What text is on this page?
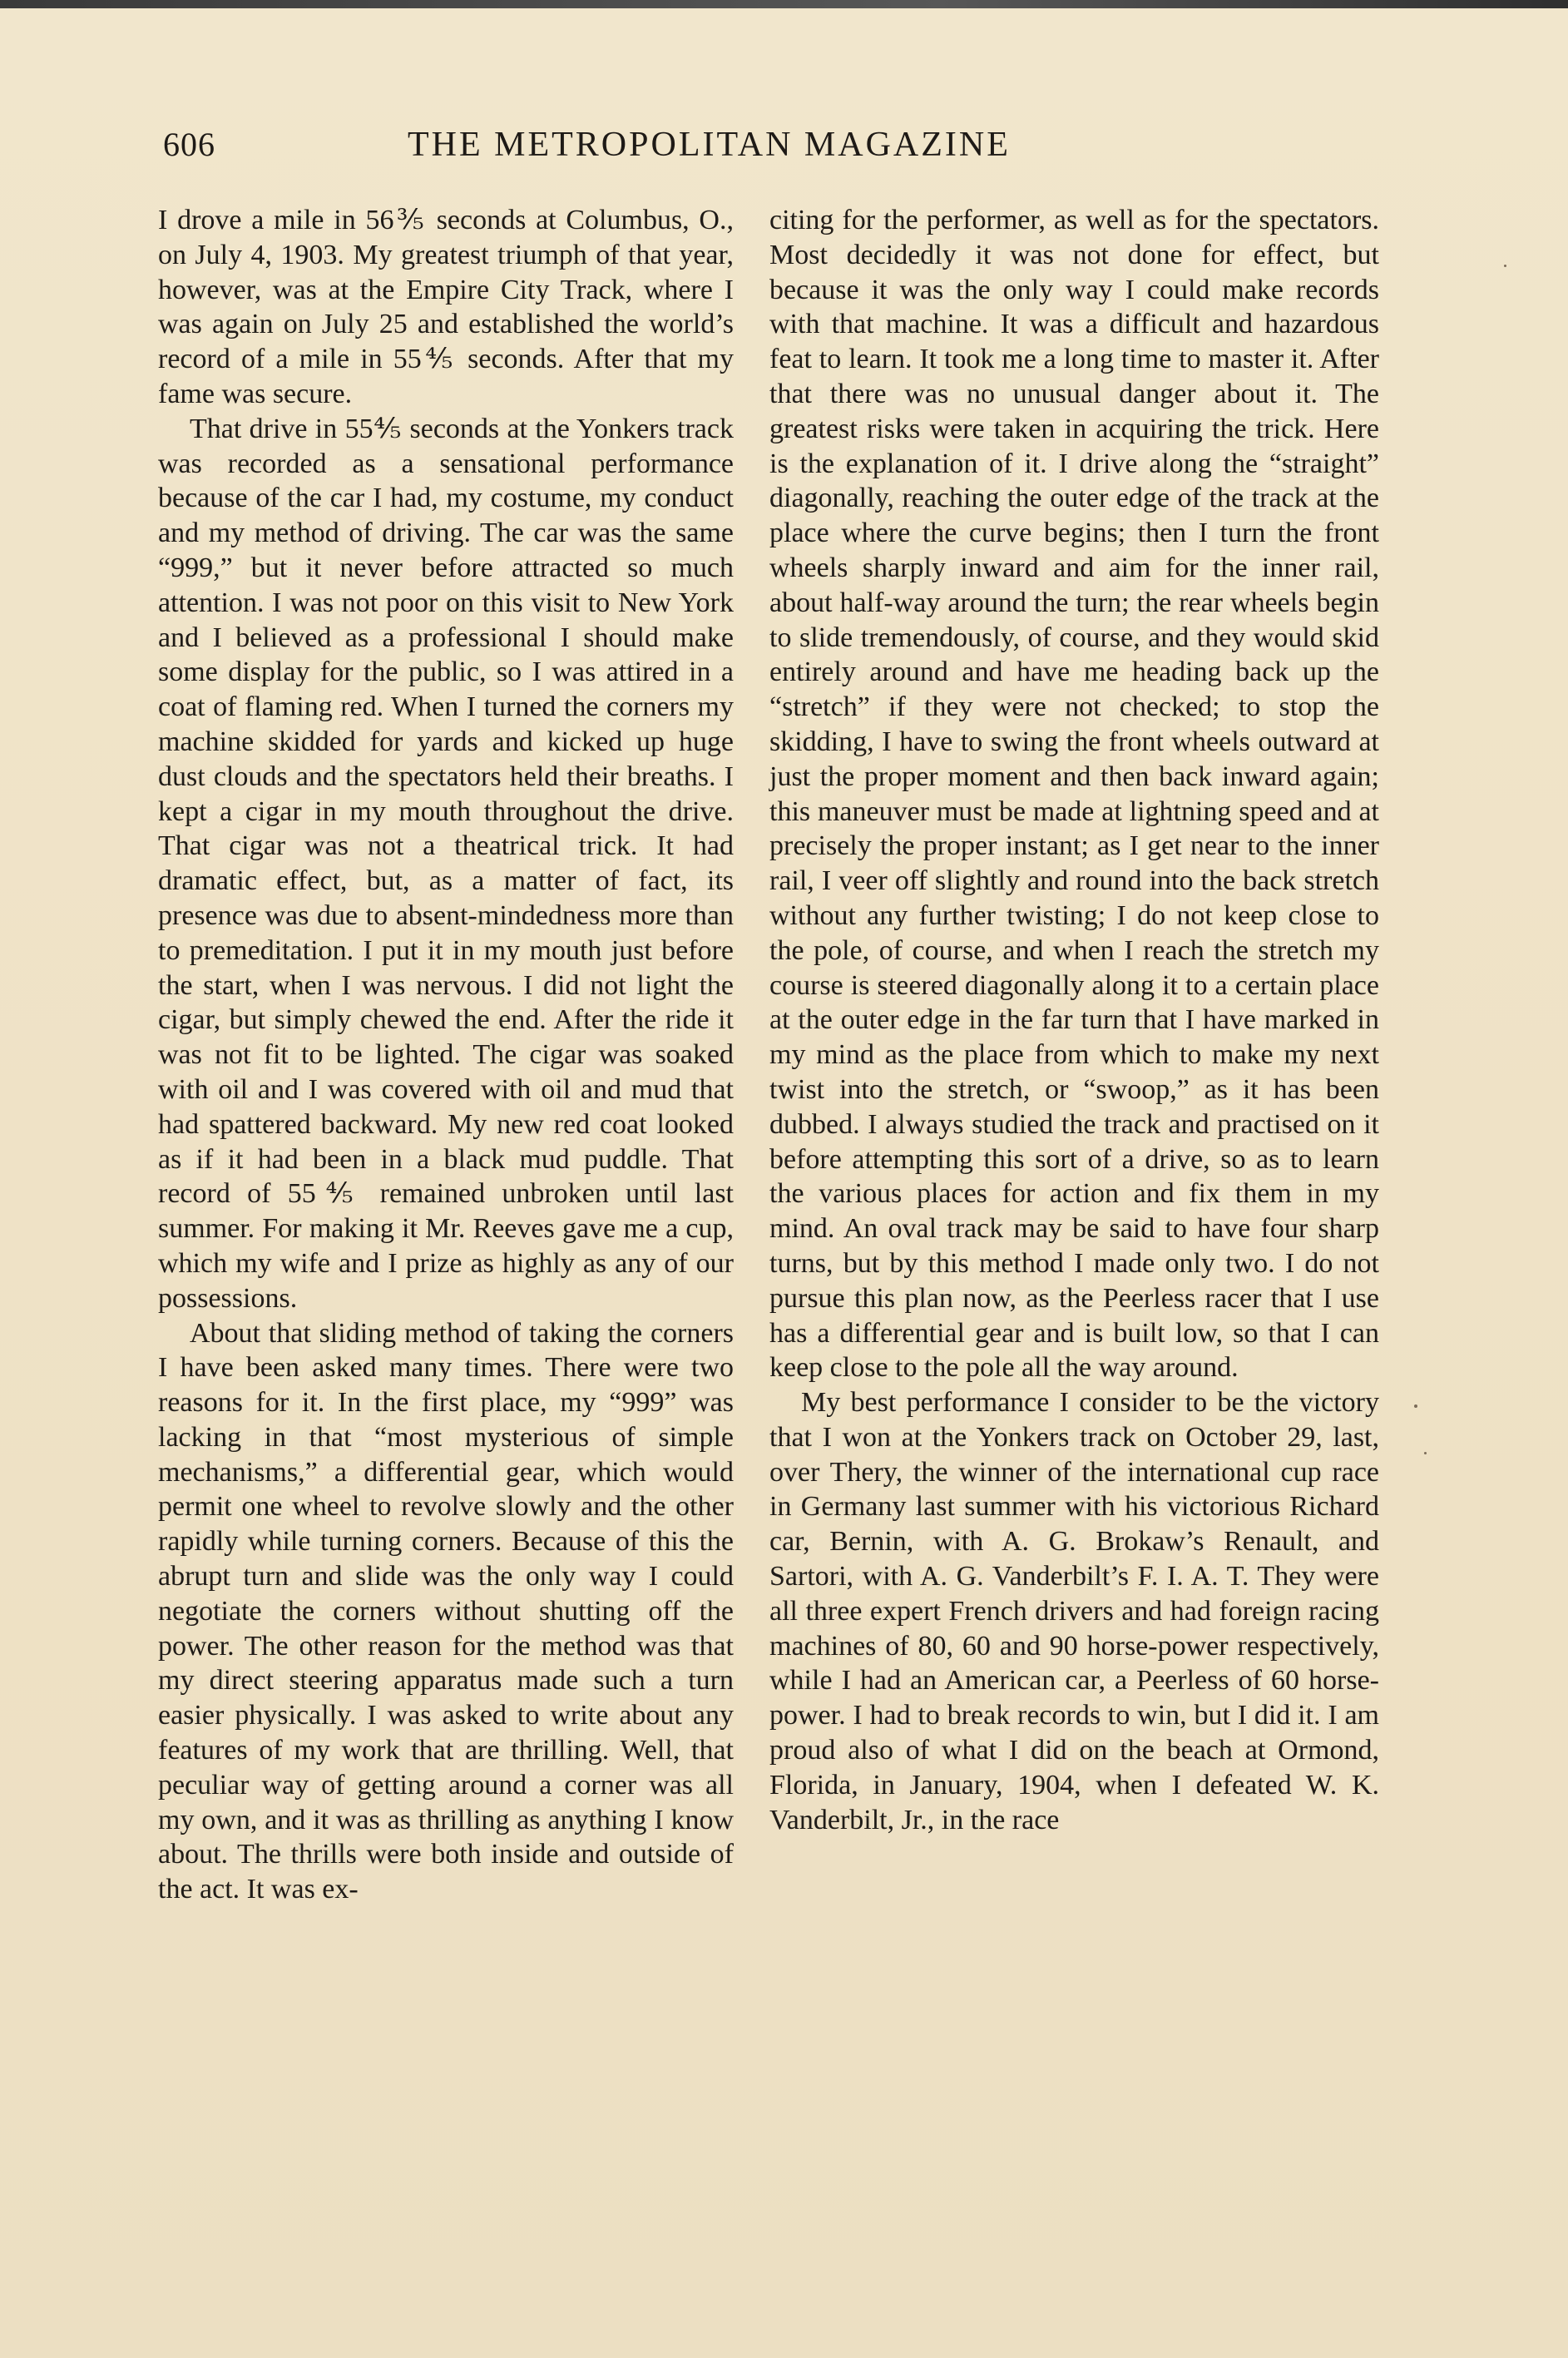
606	THE METROPOLITAN MAGAZINE

I drove a mile in 56⅗ seconds at Columbus, O., on July 4, 1903. My greatest triumph of that year, however, was at the Empire City Track, where I was again on July 25 and established the world’s record of a mile in 55⅘ seconds. After that my fame was secure.

That drive in 55⅘ seconds at the Yonkers track was recorded as a sensational performance because of the car I had, my costume, my conduct and my method of driving. The car was the same “999,” but it never before attracted so much attention. I was not poor on this visit to New York and I believed as a professional I should make some display for the public, so I was attired in a coat of flaming red. When I turned the corners my machine skidded for yards and kicked up huge dust clouds and the spectators held their breaths. I kept a cigar in my mouth throughout the drive. That cigar was not a theatrical trick. It had dramatic effect, but, as a matter of fact, its presence was due to absent-mindedness more than to premeditation. I put it in my mouth just before the start, when I was nervous. I did not light the cigar, but simply chewed the end. After the ride it was not fit to be lighted. The cigar was soaked with oil and I was covered with oil and mud that had spattered backward. My new red coat looked as if it had been in a black mud puddle. That record of 55⅘ remained unbroken until last summer. For making it Mr. Reeves gave me a cup, which my wife and I prize as highly as any of our possessions.

About that sliding method of taking the corners I have been asked many times. There were two reasons for it. In the first place, my “999” was lacking in that “most mysterious of simple mechanisms,” a differential gear, which would permit one wheel to revolve slowly and the other rapidly while turning corners. Because of this the abrupt turn and slide was the only way I could negotiate the corners without shutting off the power. The other reason for the method was that my direct steering apparatus made such a turn easier physically. I was asked to write about any features of my work that are thrilling. Well, that peculiar way of getting around a corner was all my own, and it was as thrilling as anything I know about. The thrills were both inside and outside of the act. It was ex-

citing for the performer, as well as for the spectators. Most decidedly it was not done for effect, but because it was the only way I could make records with that machine. It was a difficult and hazardous feat to learn. It took me a long time to master it. After that there was no unusual danger about it. The greatest risks were taken in acquiring the trick. Here is the explanation of it. I drive along the “straight” diagonally, reaching the outer edge of the track at the place where the curve begins; then I turn the front wheels sharply inward and aim for the inner rail, about half-way around the turn; the rear wheels begin to slide tremendously, of course, and they would skid entirely around and have me heading back up the “stretch” if they were not checked; to stop the skidding, I have to swing the front wheels outward at just the proper moment and then back inward again; this maneuver must be made at lightning speed and at precisely the proper instant; as I get near to the inner rail, I veer off slightly and round into the back stretch without any further twisting; I do not keep close to the pole, of course, and when I reach the stretch my course is steered diagonally along it to a certain place at the outer edge in the far turn that I have marked in my mind as the place from which to make my next twist into the stretch, or “swoop,” as it has been dubbed. I always studied the track and practised on it before attempting this sort of a drive, so as to learn the various places for action and fix them in my mind. An oval track may be said to have four sharp turns, but by this method I made only two. I do not pursue this plan now, as the Peerless racer that I use has a differential gear and is built low, so that I can keep close to the pole all the way around.

My best performance I consider to be the victory that I won at the Yonkers track on October 29, last, over Thery, the winner of the international cup race in Germany last summer with his victorious Richard car, Bernin, with A. G. Brokaw’s Renault, and Sartori, with A. G. Vanderbilt’s F. I. A. T. They were all three expert French drivers and had foreign racing machines of 80, 60 and 90 horse-power respectively, while I had an American car, a Peerless of 60 horse-power. I had to break records to win, but I did it. I am proud also of what I did on the beach at Ormond, Florida, in January, 1904, when I defeated W. K. Vanderbilt, Jr., in the race
